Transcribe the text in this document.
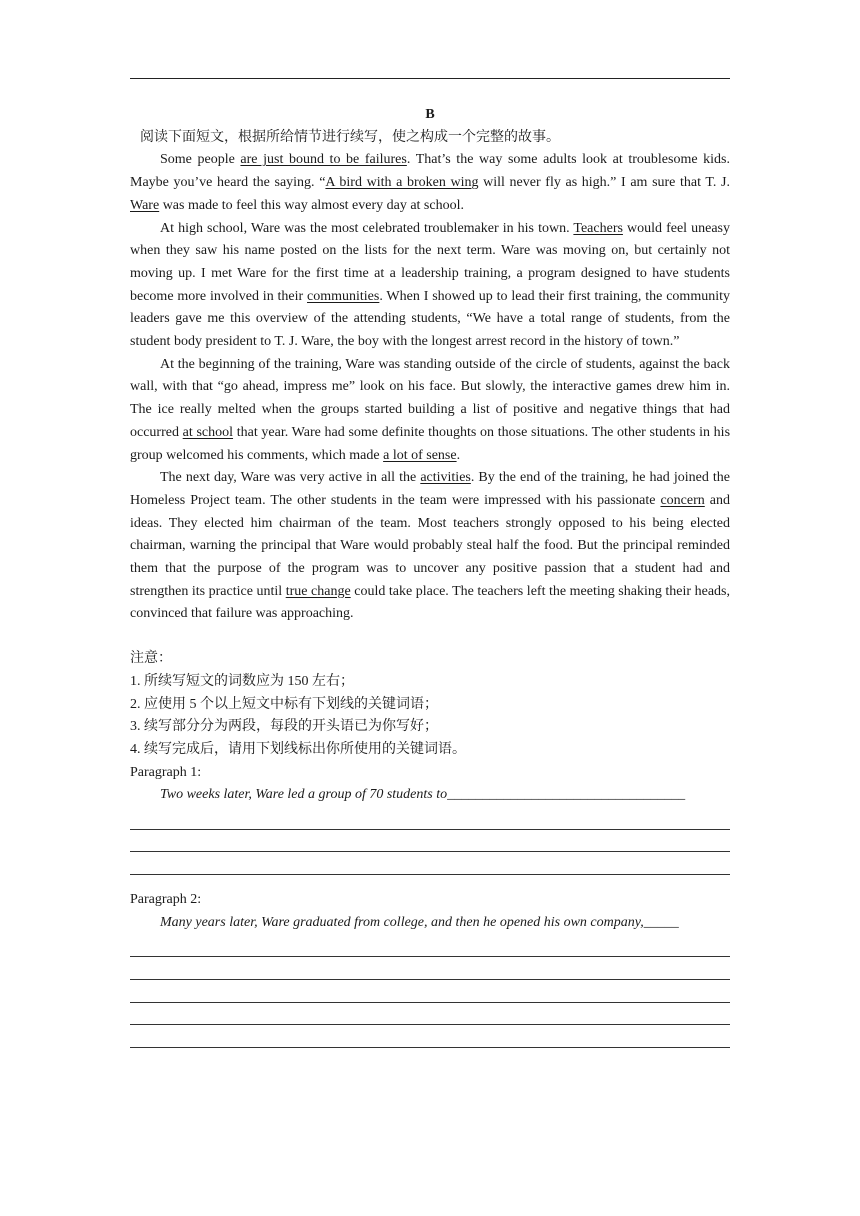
B
阅读下面短文，根据所给情节进行续写，使之构成一个完整的故事。

Some people are just bound to be failures. That’s the way some adults look at troublesome kids. Maybe you’ve heard the saying. “A bird with a broken wing will never fly as high.” I am sure that T. J. Ware was made to feel this way almost every day at school.

At high school, Ware was the most celebrated troublemaker in his town. Teachers would feel uneasy when they saw his name posted on the lists for the next term. Ware was moving on, but certainly not moving up. I met Ware for the first time at a leadership training, a program designed to have students become more involved in their communities. When I showed up to lead their first training, the community leaders gave me this overview of the attending students, “We have a total range of students, from the student body president to T. J. Ware, the boy with the longest arrest record in the history of town.”

At the beginning of the training, Ware was standing outside of the circle of students, against the back wall, with that “go ahead, impress me” look on his face. But slowly, the interactive games drew him in. The ice really melted when the groups started building a list of positive and negative things that had occurred at school that year. Ware had some definite thoughts on those situations. The other students in his group welcomed his comments, which made a lot of sense.

The next day, Ware was very active in all the activities. By the end of the training, he had joined the Homeless Project team. The other students in the team were impressed with his passionate concern and ideas. They elected him chairman of the team. Most teachers strongly opposed to his being elected chairman, warning the principal that Ware would probably steal half the food. But the principal reminded them that the purpose of the program was to uncover any positive passion that a student had and strengthen its practice until true change could take place. The teachers left the meeting shaking their heads, convinced that failure was approaching.

注意：
1. 所续写短文的词数应为 150 左右；
2. 应使用 5 个以上短文中标有下划线的关键词语；
3. 续写部分分为两段，每段的开头语已为你写好；
4. 续写完成后，请用下划线标出你所使用的关键词语。
Paragraph 1:
Two weeks later, Ware led a group of 70 students to__________________________________
Paragraph 2:
Many years later, Ware graduated from college, and then he opened his own company,_____
